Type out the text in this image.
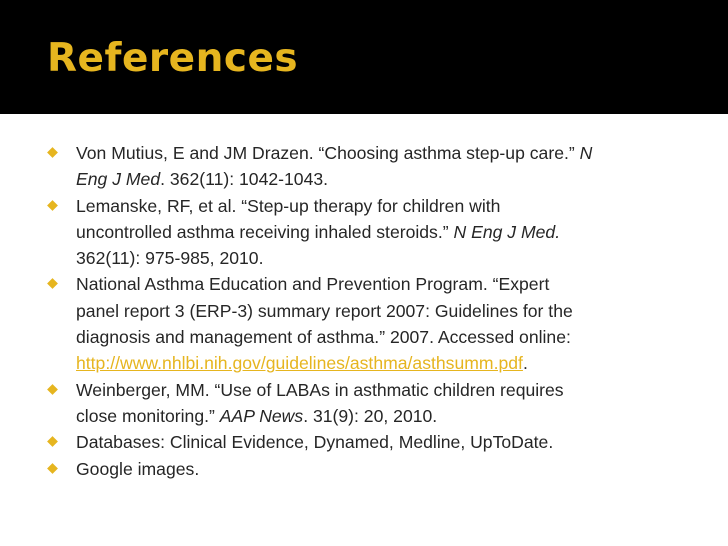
References
Von Mutius, E and JM Drazen. “Choosing asthma step-up care.” N
Eng J Med. 362(11): 1042-1043.
Lemanske, RF, et al. “Step-up therapy for children with
uncontrolled asthma receiving inhaled steroids.” N Eng J Med.
362(11): 975-985, 2010.
National Asthma Education and Prevention Program. “Expert
panel report 3 (ERP-3) summary report 2007: Guidelines for the
diagnosis and management of asthma.” 2007. Accessed online:
http://www.nhlbi.nih.gov/guidelines/asthma/asthsumm.pdf.
Weinberger, MM. “Use of LABAs in asthmatic children requires
close monitoring.” AAP News. 31(9): 20, 2010.
Databases: Clinical Evidence, Dynamed, Medline, UpToDate.
Google images.
